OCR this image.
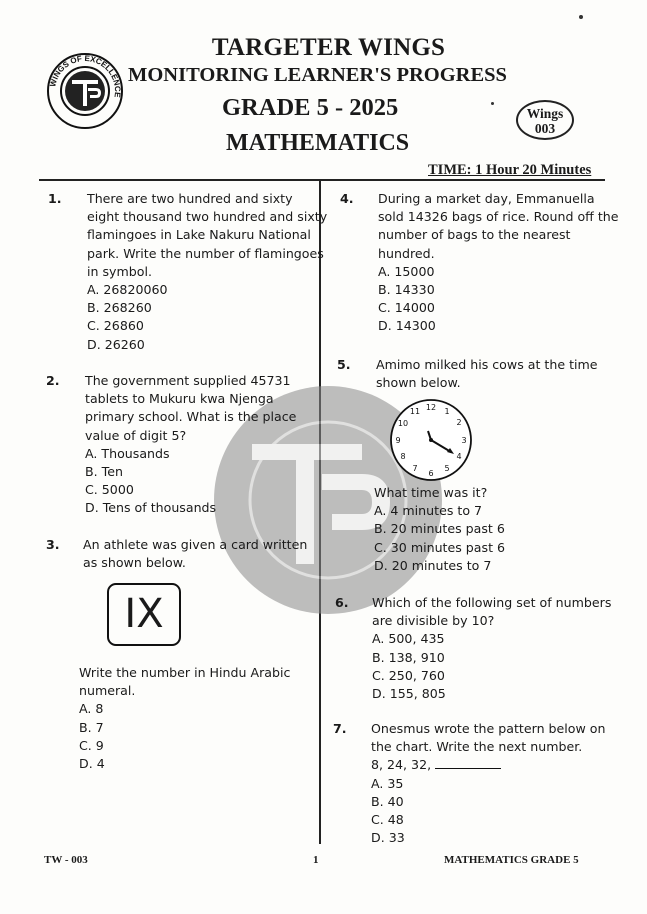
WINGS OF EXCELLENCE
TARGETER WINGS
MONITORING LEARNER'S PROGRESS
GRADE 5 - 2025
MATHEMATICS
Wings
003
TIME: 1 Hour 20 Minutes
1. There are two hundred and sixty
eight thousand two hundred and sixty
flamingoes in Lake Nakuru National
park. Write the number of flamingoes
in symbol.
A. 26820060
B. 268260
C. 26860
D. 26260
2. The government supplied 45731
tablets to Mukuru kwa Njenga
primary school. What is the place
value of digit 5?
A. Thousands
B. Ten
C. 5000
D. Tens of thousands
3. An athlete was given a card written
as shown below.
IX
Write the number in Hindu Arabic
numeral.
A. 8
B. 7
C. 9
D. 4
4. During a market day, Emmanuella
sold 14326 bags of rice. Round off the
number of bags to the nearest
hundred.
A. 15000
B. 14330
C. 14000
D. 14300
5. Amimo milked his cows at the time
shown below.
12 1
2
3
4
5
6
7
8
9
10
11
What time was it?
A. 4 minutes to 7
B. 20 minutes past 6
C. 30 minutes past 6
D. 20 minutes to 7
6. Which of the following set of numbers
are divisible by 10?
A. 500, 435
B. 138, 910
C. 250, 760
D. 155, 805
7. Onesmus wrote the pattern below on
the chart. Write the next number.
8, 24, 32,
A. 35
B. 40
C. 48
D. 33
TW - 003	1	MATHEMATICS GRADE 5
